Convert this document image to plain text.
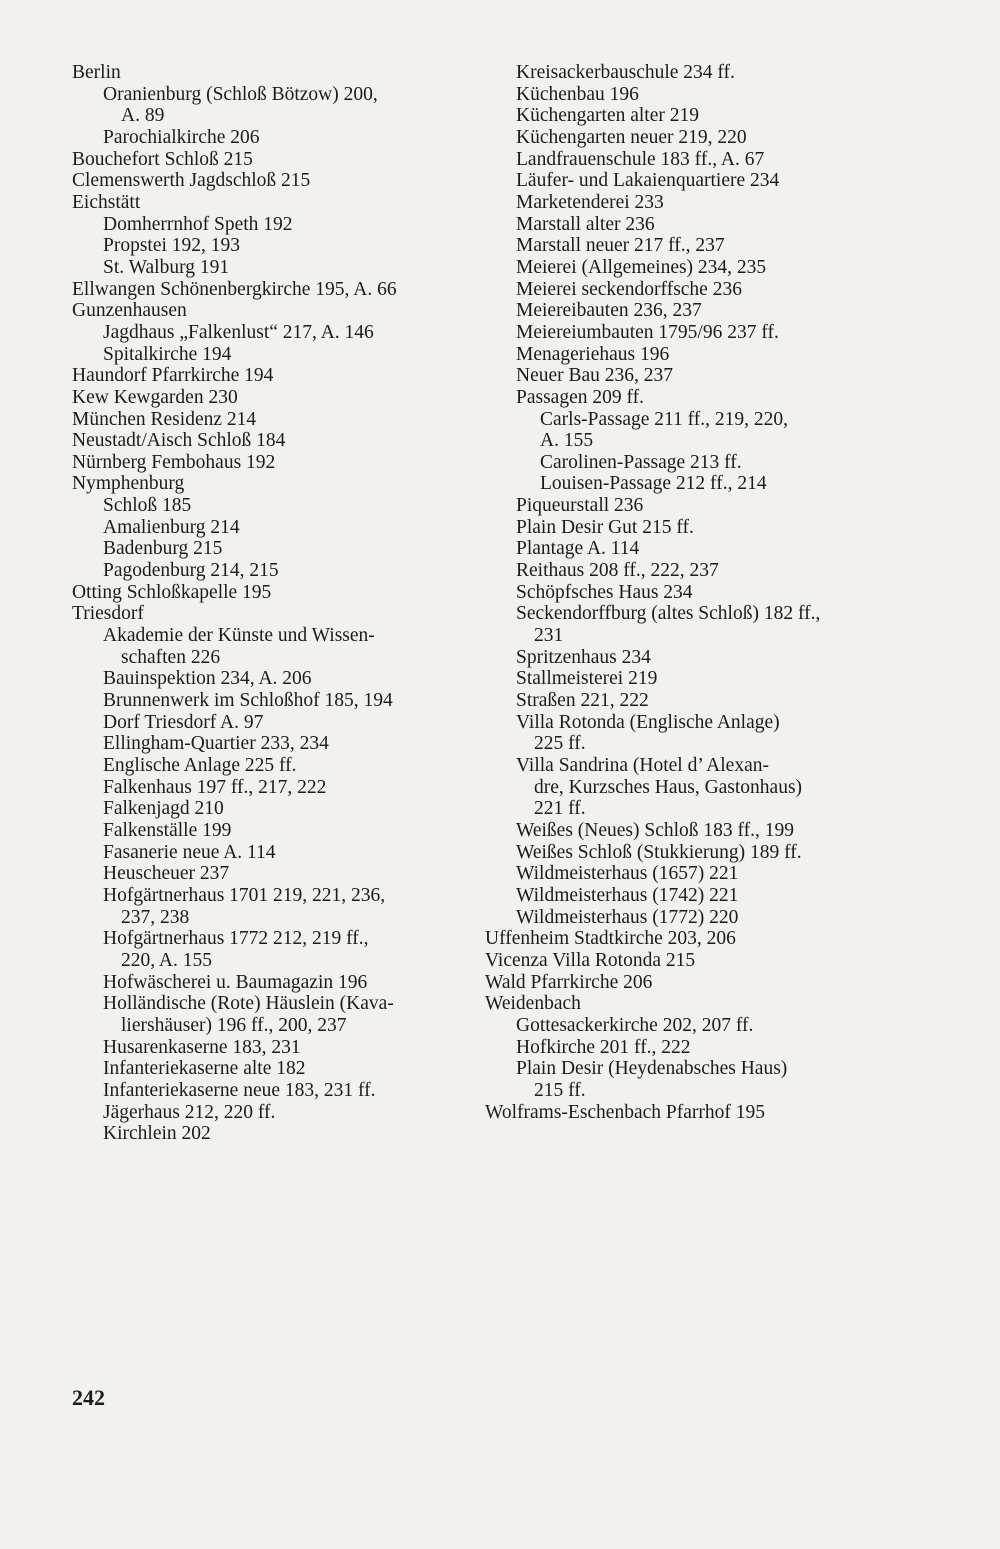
Berlin
Oranienburg (Schloß Bötzow) 200,
A. 89
Parochialkirche 206
Bouchefort Schloß 215
Clemenswerth Jagdschloß 215
Eichstätt
Domherrnhof Speth 192
Propstei 192, 193
St. Walburg 191
Ellwangen Schönenbergkirche 195, A. 66
Gunzenhausen
Jagdhaus „Falkenlust“ 217, A. 146
Spitalkirche 194
Haundorf Pfarrkirche 194
Kew Kewgarden 230
München Residenz 214
Neustadt/Aisch Schloß 184
Nürnberg Fembohaus 192
Nymphenburg
Schloß 185
Amalienburg 214
Badenburg 215
Pagodenburg 214, 215
Otting Schloßkapelle 195
Triesdorf
Akademie der Künste und Wissen-
schaften 226
Bauinspektion 234, A. 206
Brunnenwerk im Schloßhof 185, 194
Dorf Triesdorf A. 97
Ellingham-Quartier 233, 234
Englische Anlage 225 ff.
Falkenhaus 197 ff., 217, 222
Falkenjagd 210
Falkenställe 199
Fasanerie neue A. 114
Heuscheuer 237
Hofgärtnerhaus 1701 219, 221, 236,
237, 238
Hofgärtnerhaus 1772 212, 219 ff.,
220, A. 155
Hofwäscherei u. Baumagazin 196
Holländische (Rote) Häuslein (Kava-
liershäuser) 196 ff., 200, 237
Husarenkaserne 183, 231
Infanteriekaserne alte 182
Infanteriekaserne neue 183, 231 ff.
Jägerhaus 212, 220 ff.
Kirchlein 202
Kreisackerbauschule 234 ff.
Küchenbau 196
Küchengarten alter 219
Küchengarten neuer 219, 220
Landfrauenschule 183 ff., A. 67
Läufer- und Lakaienquartiere 234
Marketenderei 233
Marstall alter 236
Marstall neuer 217 ff., 237
Meierei (Allgemeines) 234, 235
Meierei seckendorffsche 236
Meiereibauten 236, 237
Meiereiumbauten 1795/96 237 ff.
Menageriehaus 196
Neuer Bau 236, 237
Passagen 209 ff.
Carls-Passage 211 ff., 219, 220,
A. 155
Carolinen-Passage 213 ff.
Louisen-Passage 212 ff., 214
Piqueurstall 236
Plain Desir Gut 215 ff.
Plantage A. 114
Reithaus 208 ff., 222, 237
Schöpfsches Haus 234
Seckendorffburg (altes Schloß) 182 ff.,
231
Spritzenhaus 234
Stallmeisterei 219
Straßen 221, 222
Villa Rotonda (Englische Anlage)
225 ff.
Villa Sandrina (Hotel d’ Alexan-
dre, Kurzsches Haus, Gastonhaus)
221 ff.
Weißes (Neues) Schloß 183 ff., 199
Weißes Schloß (Stukkierung) 189 ff.
Wildmeisterhaus (1657) 221
Wildmeisterhaus (1742) 221
Wildmeisterhaus (1772) 220
Uffenheim Stadtkirche 203, 206
Vicenza Villa Rotonda 215
Wald Pfarrkirche 206
Weidenbach
Gottesackerkirche 202, 207 ff.
Hofkirche 201 ff., 222
Plain Desir (Heydenabsches Haus)
215 ff.
Wolframs-Eschenbach Pfarrhof 195
242
